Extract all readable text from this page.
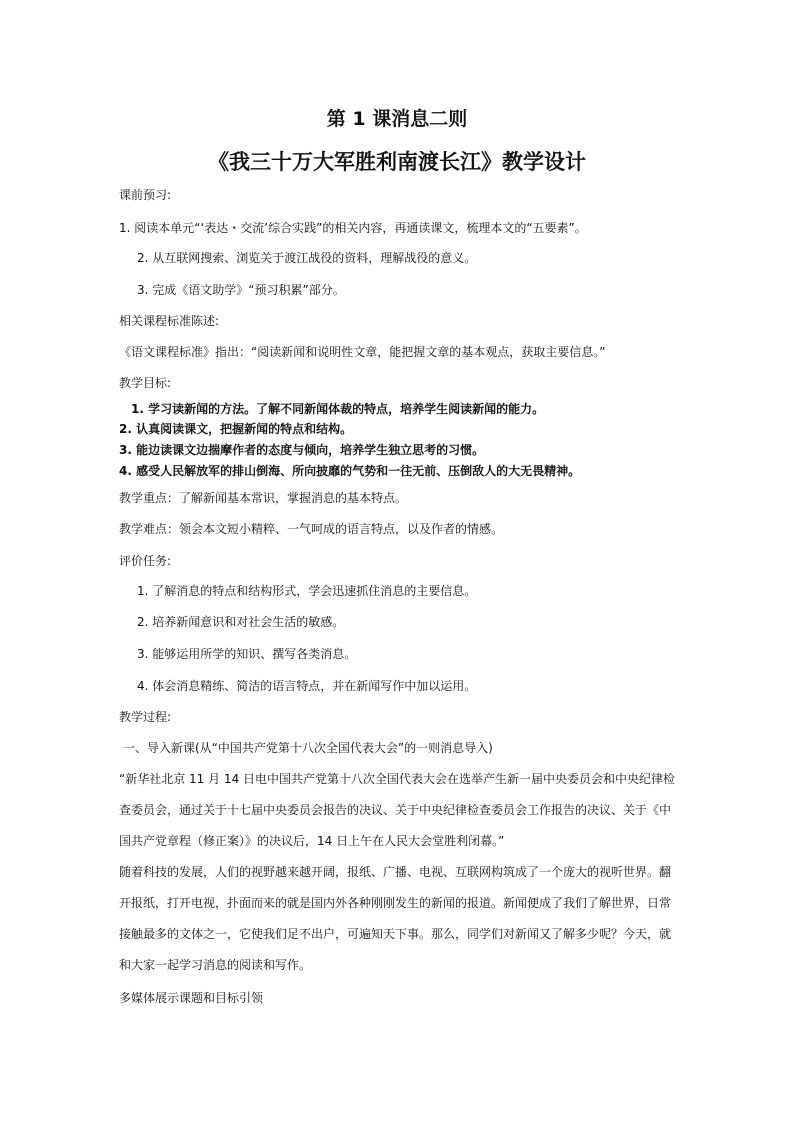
第 1 课消息二则
《我三十万大军胜利南渡长江》教学设计

课前预习:

1. 阅读本单元“‘表达・交流’综合实践”的相关内容，再通读课文，梳理本文的“五要素”。

2. 从互联网搜索、浏览关于渡江战役的资料，理解战役的意义。

3. 完成《语文助学》“预习积累”部分。

相关课程标准陈述:

《语文课程标准》指出：“阅读新闻和说明性文章，能把握文章的基本观点，获取主要信息。”

教学目标:

1. 学习读新闻的方法。了解不同新闻体裁的特点，培养学生阅读新闻的能力。

2. 认真阅读课文，把握新闻的特点和结构。

3. 能边读课文边揣摩作者的态度与倾向，培养学生独立思考的习惯。

4. 感受人民解放军的排山倒海、所向披靡的气势和一往无前、压倒敌人的大无畏精神。

教学重点：了解新闻基本常识，掌握消息的基本特点。

教学难点：领会本文短小精粹、一气呵成的语言特点，以及作者的情感。

评价任务:

1. 了解消息的特点和结构形式，学会迅速抓住消息的主要信息。

2. 培养新闻意识和对社会生活的敏感。

3. 能够运用所学的知识、撰写各类消息。

4. 体会消息精练、简洁的语言特点，并在新闻写作中加以运用。

教学过程:

一、导入新课(从“中国共产党第十八次全国代表大会”的一则消息导入)

“新华社北京 11 月 14 日电中国共产党第十八次全国代表大会在选举产生新一届中央委员会和中央纪律检

查委员会，通过关于十七届中央委员会报告的决议、关于中央纪律检查委员会工作报告的决议、关于《中

国共产党章程（修正案）》的决议后，14 日上午在人民大会堂胜利闭幕。”

随着科技的发展，人们的视野越来越开阔，报纸、广播、电视、互联网构筑成了一个庞大的视听世界。翻

开报纸，打开电视，扑面而来的就是国内外各种刚刚发生的新闻的报道。新闻便成了我们了解世界，日常

接触最多的文体之一，它使我们足不出户，可遍知天下事。那么，同学们对新闻又了解多少呢？今天，就

和大家一起学习消息的阅读和写作。

多媒体展示课题和目标引领
